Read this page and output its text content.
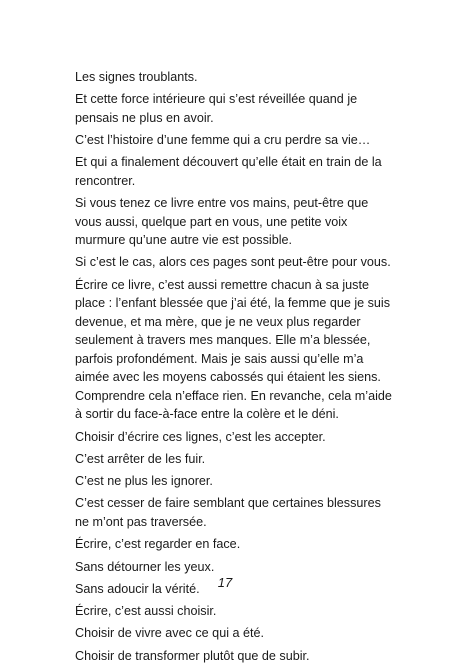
Les signes troublants.

Et cette force intérieure qui s’est réveillée quand je pensais ne plus en avoir.

C’est l’histoire d’une femme qui a cru perdre sa vie…

Et qui a finalement découvert qu’elle était en train de la rencontrer.

Si vous tenez ce livre entre vos mains, peut-être que vous aussi, quelque part en vous, une petite voix murmure qu’une autre vie est possible.

Si c’est le cas, alors ces pages sont peut-être pour vous.

Écrire ce livre, c’est aussi remettre chacun à sa juste place : l’enfant blessée que j’ai été, la femme que je suis devenue, et ma mère, que je ne veux plus regarder seulement à travers mes manques. Elle m’a blessée, parfois profondément. Mais je sais aussi qu’elle m’a aimée avec les moyens cabossés qui étaient les siens. Comprendre cela n’efface rien. En revanche, cela m’aide à sortir du face-à-face entre la colère et le déni.

Choisir d’écrire ces lignes, c’est les accepter.

C’est arrêter de les fuir.

C’est ne plus les ignorer.

C’est cesser de faire semblant que certaines blessures ne m’ont pas traversée.

Écrire, c’est regarder en face.

Sans détourner les yeux.

Sans adoucir la vérité.

Écrire, c’est aussi choisir.

Choisir de vivre avec ce qui a été.

Choisir de transformer plutôt que de subir.

17
